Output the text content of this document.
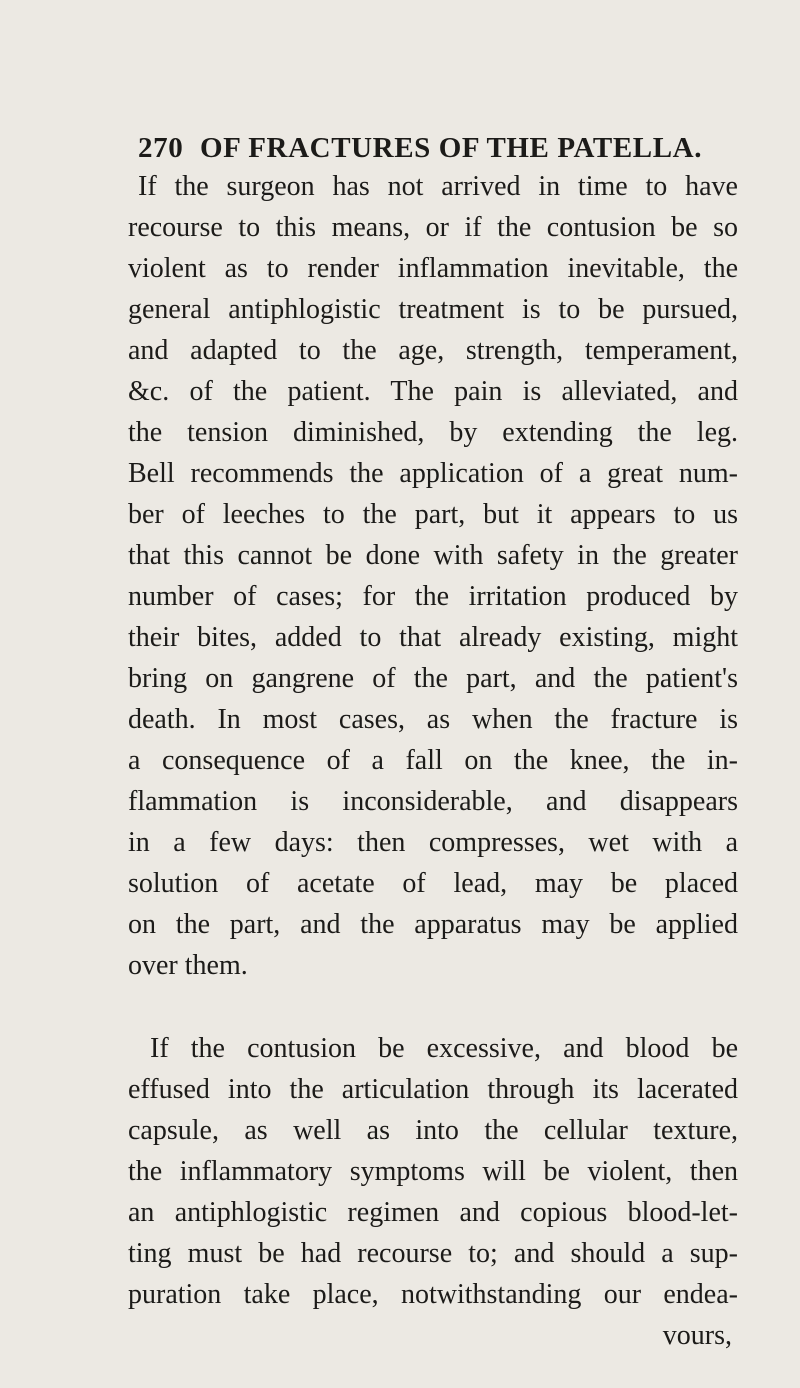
270 OF FRACTURES OF THE PATELLA.
If the surgeon has not arrived in time to have
recourse to this means, or if the contusion be so
violent as to render inflammation inevitable, the
general antiphlogistic treatment is to be pursued,
and adapted to the age, strength, temperament,
&c. of the patient. The pain is alleviated, and
the tension diminished, by extending the leg.
Bell recommends the application of a great num-
ber of leeches to the part, but it appears to us
that this cannot be done with safety in the greater
number of cases; for the irritation produced by
their bites, added to that already existing, might
bring on gangrene of the part, and the patient's
death. In most cases, as when the fracture is
a consequence of a fall on the knee, the in-
flammation is inconsiderable, and disappears
in a few days: then compresses, wet with a
solution of acetate of lead, may be placed
on the part, and the apparatus may be applied
over them.
If the contusion be excessive, and blood be
effused into the articulation through its lacerated
capsule, as well as into the cellular texture,
the inflammatory symptoms will be violent, then
an antiphlogistic regimen and copious blood-let-
ting must be had recourse to; and should a sup-
puration take place, notwithstanding our endea-
vours,
